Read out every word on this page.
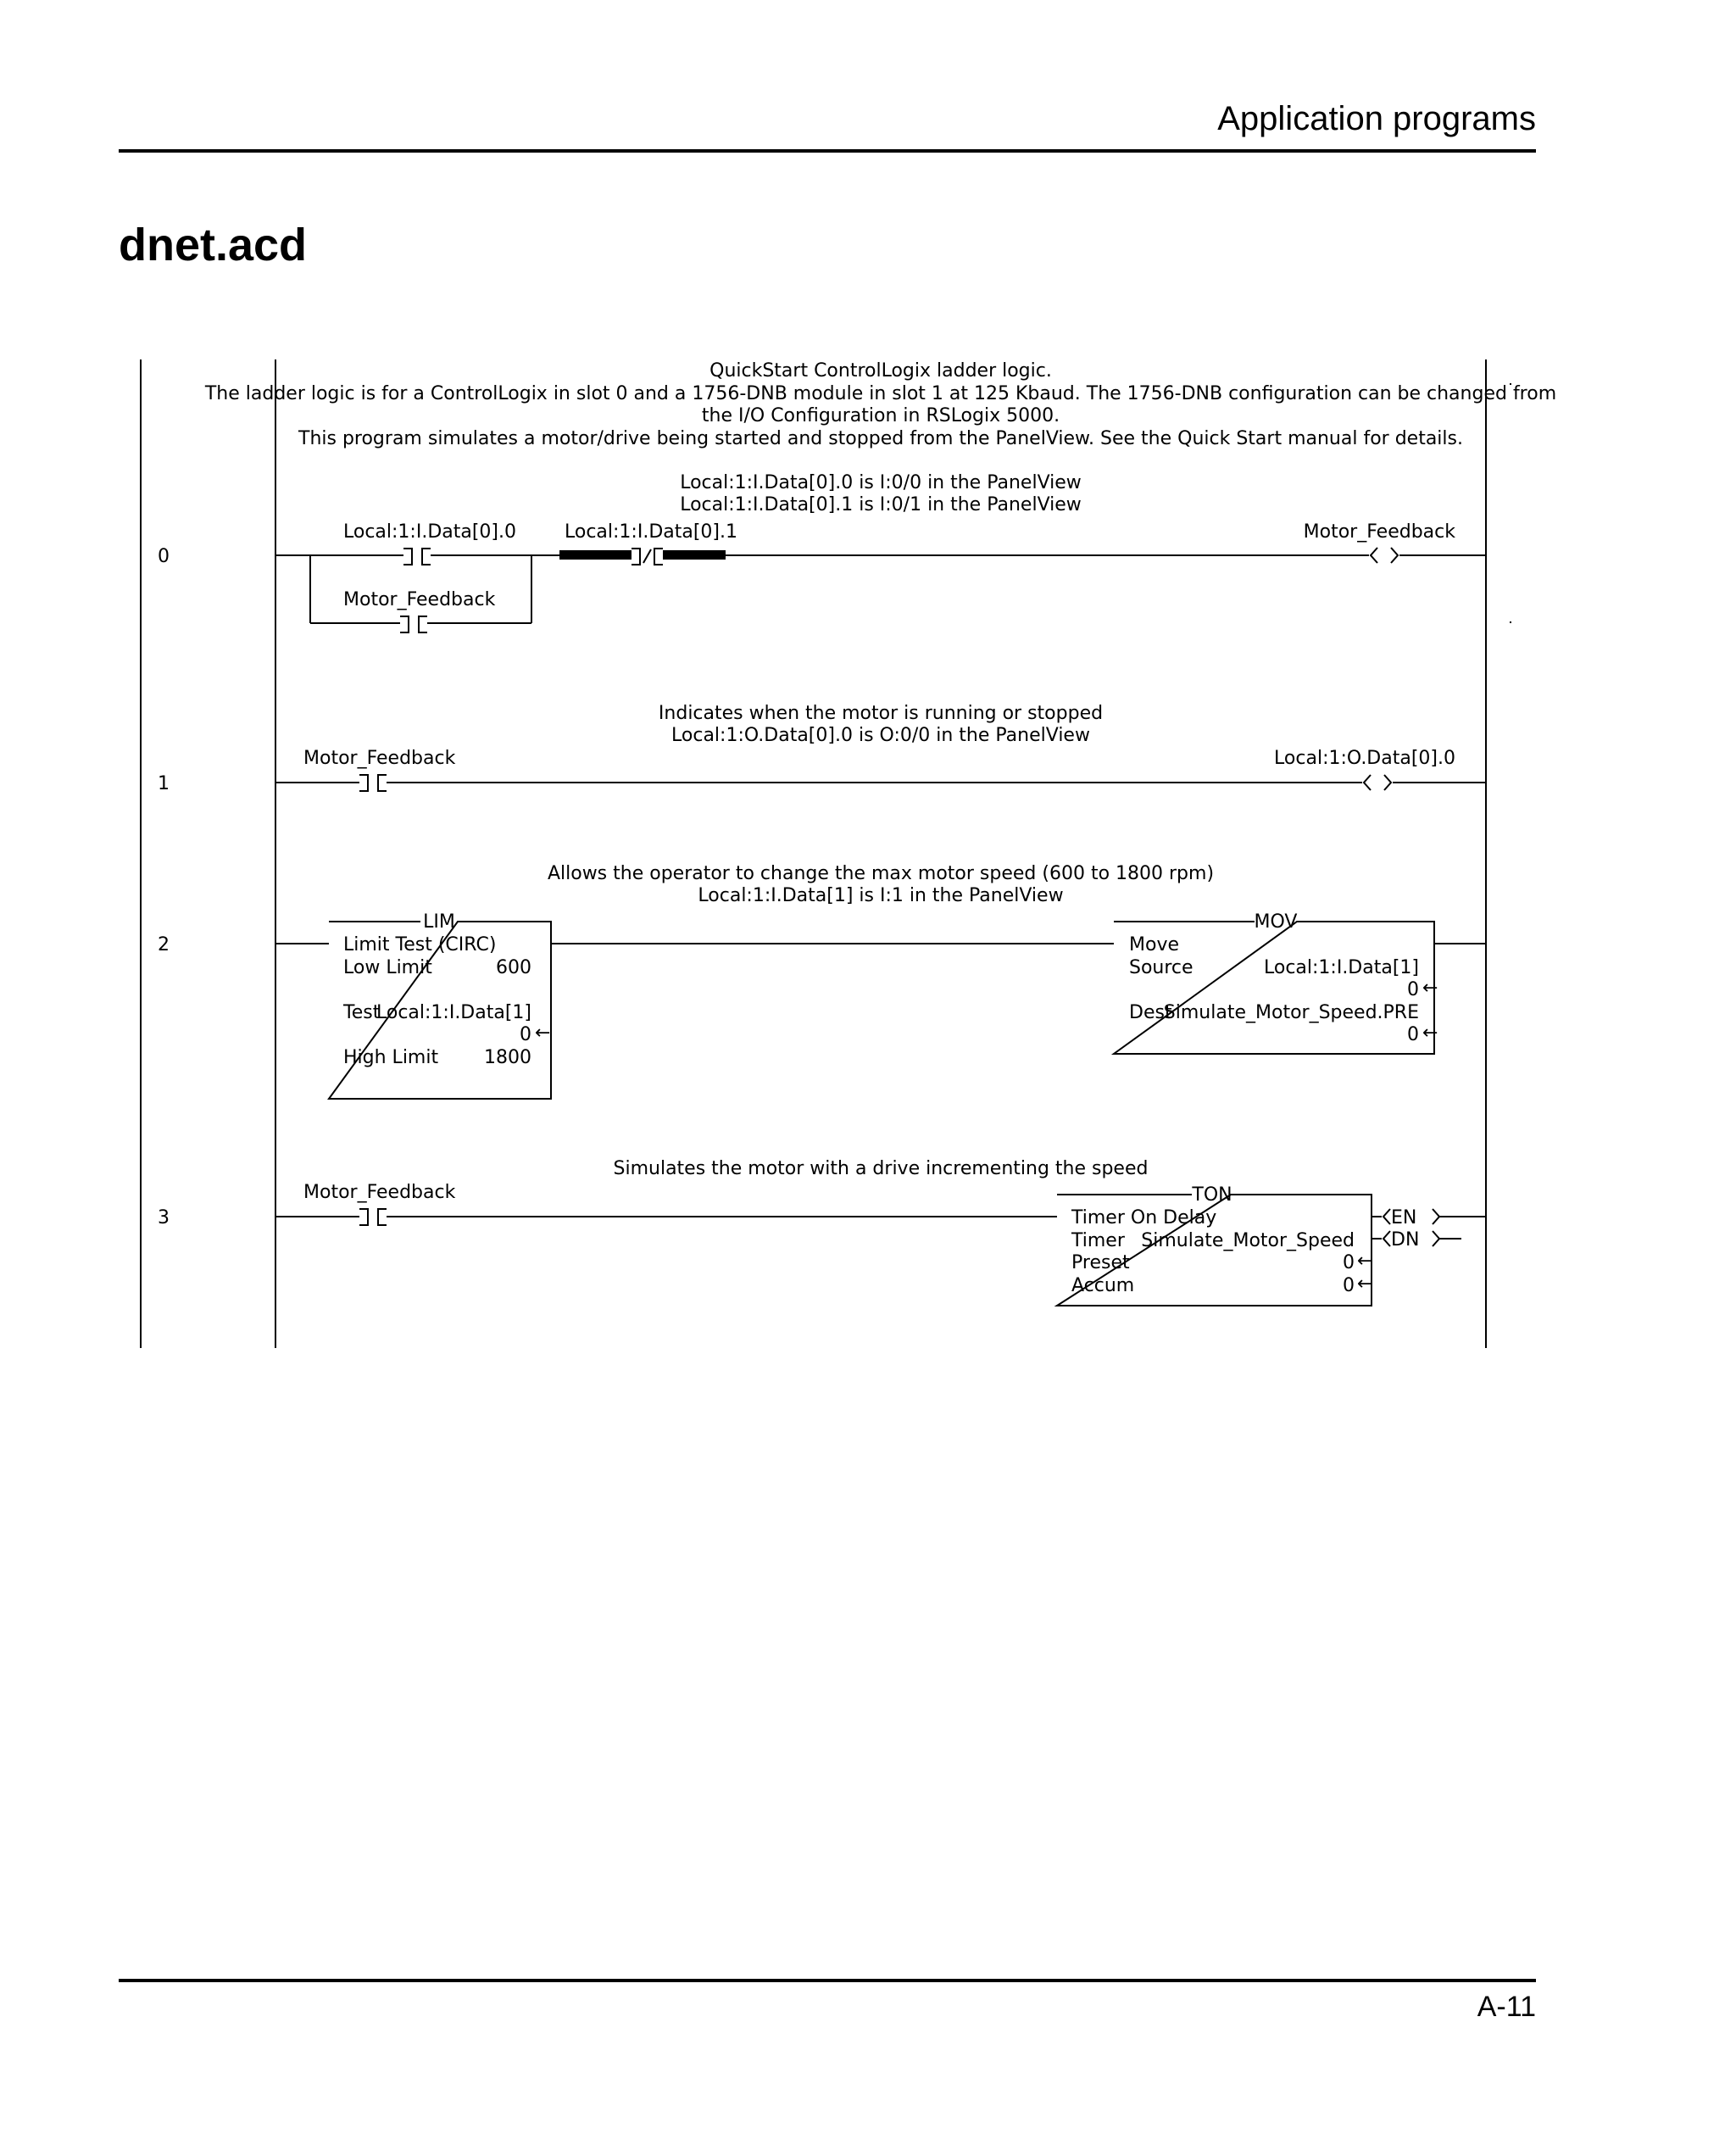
Application programs
dnet.acd
QuickStart ControlLogix ladder logic.
The ladder logic is for a ControlLogix in slot 0 and a 1756-DNB module in slot 1 at 125 Kbaud. The 1756-DNB configuration can be changed from
the I/O Configuration in RSLogix 5000.
This program simulates a motor/drive being started and stopped from the PanelView. See the Quick Start manual for details.
0
Local:1:I.Data[0].0 is I:0/0 in the PanelView
Local:1:I.Data[0].1 is I:0/1 in the PanelView
Local:1:I.Data[0].0	Local:1:I.Data[0].1	Motor_Feedback
Motor_Feedback
1
Indicates when the motor is running or stopped
Local:1:O.Data[0].0 is O:0/0 in the PanelView
Motor_Feedback	Local:1:O.Data[0].0
2
Allows the operator to change the max motor speed (600 to 1800 rpm)
Local:1:I.Data[1] is I:1 in the PanelView
LIM
Limit Test (CIRC)
Low Limit	600
Test
Local:1:I.Data[1]
0 ←
High Limit 1800
MOV
Move
Source	Local:1:I.Data[1]
0 ←
Dest
Simulate_Motor_Speed.PRE
0 ←
3
Simulates the motor with a drive incrementing the speed
Motor_Feedback	TON
Timer On Delay
Timer Simulate_Motor_Speed
Preset	0 ←
Accum	0 ←
EN
DN
A-11
